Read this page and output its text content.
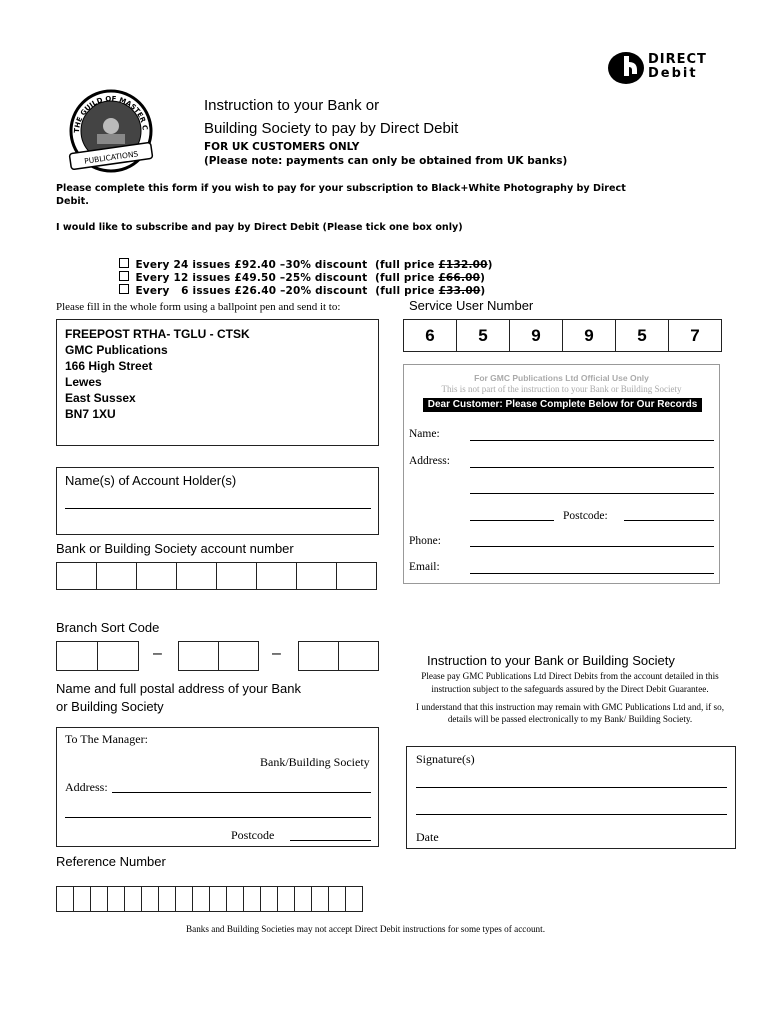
THE GUILD OF MASTER C
PUBLICATIONS
DIRECT
Debit
Instruction to your Bank or
Building Society to pay by Direct Debit
FOR UK CUSTOMERS ONLY
(Please note: payments can only be obtained from UK banks)
Please complete this form if you wish to pay for your subscription to Black+White Photography by Direct
Debit.
I would like to subscribe and pay by Direct Debit (Please tick one box only)

Every 24 issues £92.40 –30% discount  (full price £132.00)

Every 12 issues £49.50 –25% discount  (full price £66.00)

Every   6 issues £26.40 –20% discount  (full price £33.00)

Please fill in the whole form using a ballpoint pen and send it to:
FREEPOST RTHA- TGLU - CTSK
GMC Publications
166 High Street
Lewes
East Sussex
BN7 1XU
Service User Number
6	5	9	9	5	7
For GMC Publications Ltd Official Use Only
This is not part of the instruction to your Bank or Building Society
Dear Customer: Please Complete Below for Our Records
Name:
Address:
Postcode:
Phone:
Email:
Name(s) of Account Holder(s)
Bank or Building Society account number
Branch Sort Code
–	–
Name and full postal address of your Bank
or Building Society
To The Manager:
Bank/Building Society
Address:
Postcode
Instruction to your Bank or Building Society
Please pay GMC Publications Ltd Direct Debits from the account detailed in this
instruction subject to the safeguards assured by the Direct Debit Guarantee.
I understand that this instruction may remain with GMC Publications Ltd and, if so,
details will be passed electronically to my Bank/ Building Society.
Signature(s)
Date
Reference Number
Banks and Building Societies may not accept Direct Debit instructions for some types of account.
